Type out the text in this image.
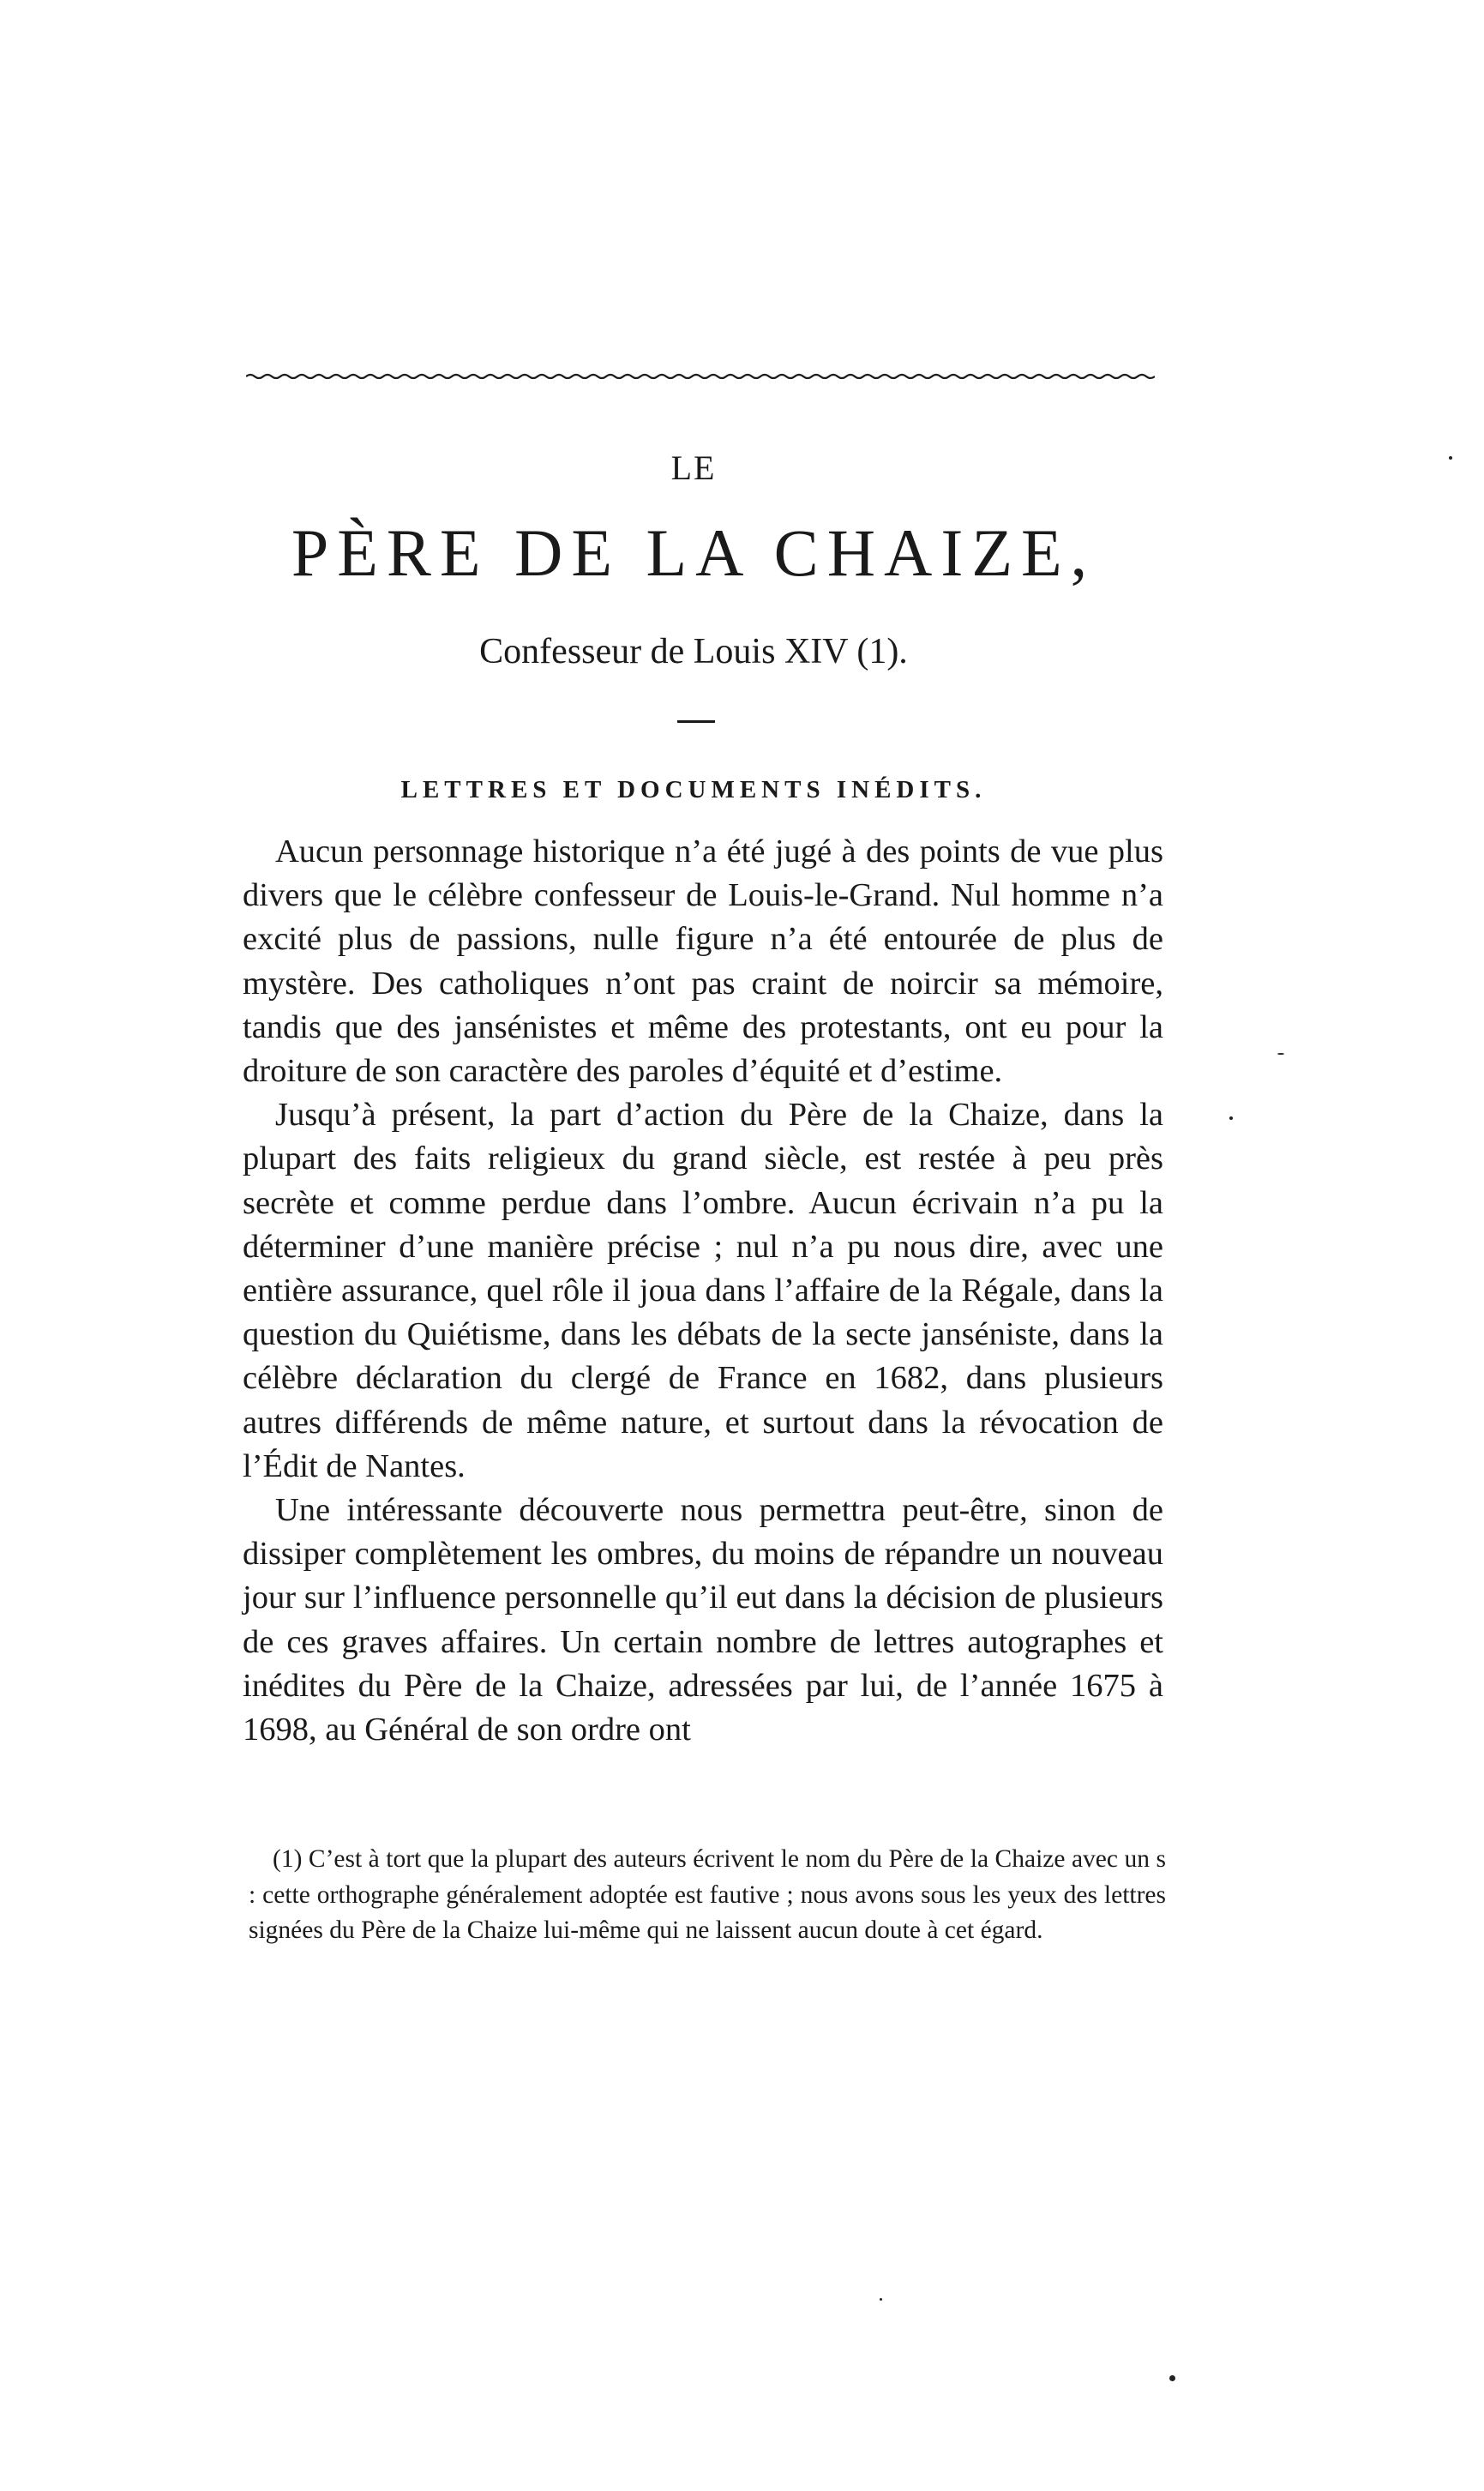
LE
PÈRE DE LA CHAIZE,
Confesseur de Louis XIV (1).
LETTRES ET DOCUMENTS INÉDITS.

Aucun personnage historique n’a été jugé à des points de vue plus divers que le célèbre confesseur de Louis-le-Grand. Nul homme n’a excité plus de passions, nulle figure n’a été entourée de plus de mystère. Des catholiques n’ont pas craint de noircir sa mémoire, tandis que des jansénistes et même des protestants, ont eu pour la droiture de son caractère des paroles d’équité et d’estime.

Jusqu’à présent, la part d’action du Père de la Chaize, dans la plupart des faits religieux du grand siècle, est restée à peu près secrète et comme perdue dans l’ombre. Aucun écrivain n’a pu la déterminer d’une manière précise ; nul n’a pu nous dire, avec une entière assurance, quel rôle il joua dans l’affaire de la Régale, dans la question du Quiétisme, dans les débats de la secte janséniste, dans la célèbre déclaration du clergé de France en 1682, dans plusieurs autres différends de même nature, et surtout dans la révocation de l’Édit de Nantes.

Une intéressante découverte nous permettra peut-être, sinon de dissiper complètement les ombres, du moins de répandre un nouveau jour sur l’influence personnelle qu’il eut dans la décision de plusieurs de ces graves affaires. Un certain nombre de lettres autographes et inédites du Père de la Chaize, adressées par lui, de l’année 1675 à 1698, au Général de son ordre ont

(1) C’est à tort que la plupart des auteurs écrivent le nom du Père de la Chaize avec un s : cette orthographe généralement adoptée est fautive ; nous avons sous les yeux des lettres signées du Père de la Chaize lui-même qui ne laissent aucun doute à cet égard.
